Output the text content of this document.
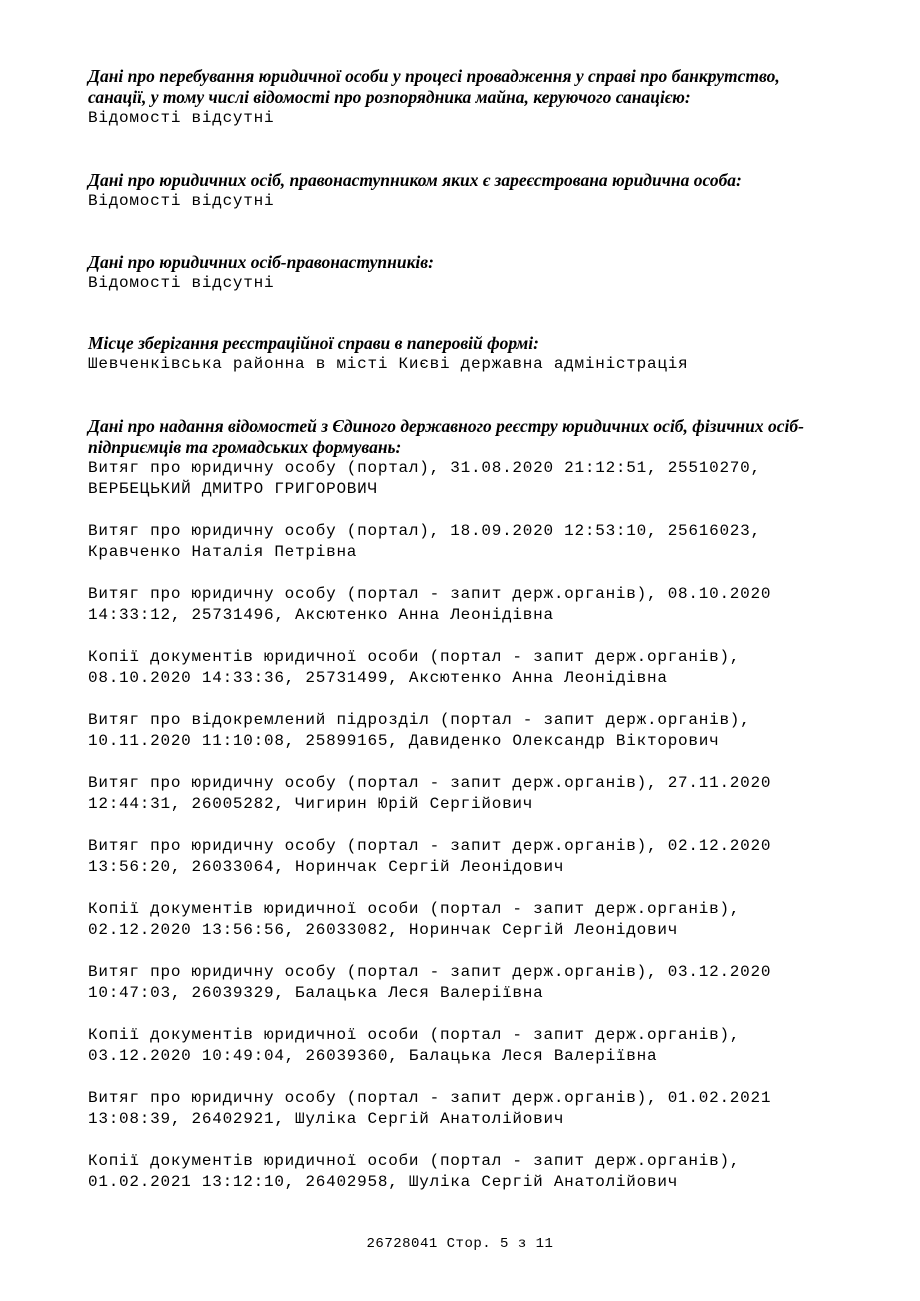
Дані про перебування юридичної особи у процесі провадження у справі про банкрутство,
санації, у тому числі відомості про розпорядника майна, керуючого санацією:
Відомості відсутні
Дані про юридичних осіб, правонаступником яких є зареєстрована юридична особа:
Відомості відсутні
Дані про юридичних осіб-правонаступників:
Відомості відсутні
Місце зберігання реєстраційної справи в паперовій формі:
Шевченківська районна в місті Києві державна адміністрація
Дані про надання відомостей з Єдиного державного реєстру юридичних осіб, фізичних осіб-
підприємців та громадських формувань:
Витяг про юридичну особу (портал), 31.08.2020 21:12:51, 25510270,
ВЕРБЕЦЬКИЙ ДМИТРО ГРИГОРОВИЧ
Витяг про юридичну особу (портал), 18.09.2020 12:53:10, 25616023,
Кравченко Наталія Петрівна
Витяг про юридичну особу (портал - запит держ.органів), 08.10.2020
14:33:12, 25731496, Аксютенко Анна Леонідівна
Копії документів юридичної особи (портал - запит держ.органів),
08.10.2020 14:33:36, 25731499, Аксютенко Анна Леонідівна
Витяг про відокремлений підрозділ (портал - запит держ.органів),
10.11.2020 11:10:08, 25899165, Давиденко Олександр Вікторович
Витяг про юридичну особу (портал - запит держ.органів), 27.11.2020
12:44:31, 26005282, Чигирин Юрій Сергійович
Витяг про юридичну особу (портал - запит держ.органів), 02.12.2020
13:56:20, 26033064, Норинчак Сергій Леонідович
Копії документів юридичної особи (портал - запит держ.органів),
02.12.2020 13:56:56, 26033082, Норинчак Сергій Леонідович
Витяг про юридичну особу (портал - запит держ.органів), 03.12.2020
10:47:03, 26039329, Балацька Леся Валеріївна
Копії документів юридичної особи (портал - запит держ.органів),
03.12.2020 10:49:04, 26039360, Балацька Леся Валеріївна
Витяг про юридичну особу (портал - запит держ.органів), 01.02.2021
13:08:39, 26402921, Шуліка Сергій Анатолійович
Копії документів юридичної особи (портал - запит держ.органів),
01.02.2021 13:12:10, 26402958, Шуліка Сергій Анатолійович
26728041 Стор. 5 з 11
